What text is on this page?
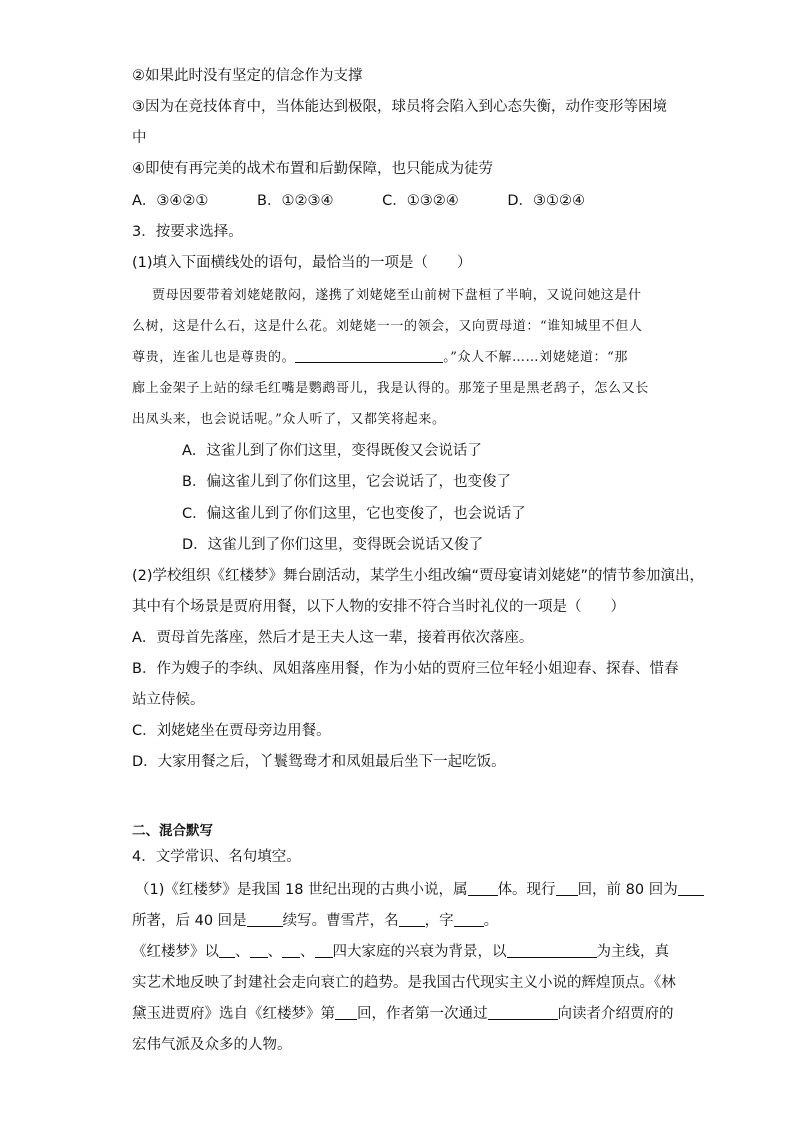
②如果此时没有坚定的信念作为支撑
③因为在竞技体育中，当体能达到极限，球员将会陷入到心态失衡，动作变形等困境
中
④即使有再完美的战术布置和后勤保障，也只能成为徒劳
A．③④②①	B．①②③④	C．①③②④	D．③①②④
3．按要求选择。
(1)填入下面横线处的语句，最恰当的一项是（　　）
贾母因要带着刘姥姥散闷，遂携了刘姥姥至山前树下盘桓了半晌，又说问她这是什
么树，这是什么石，这是什么花。刘姥姥一一的领会，又向贾母道：“谁知城里不但人
尊贵，连雀儿也是尊贵的。	。”众人不解……刘姥姥道：“那
廊上金架子上站的绿毛红嘴是鹦鹉哥儿，我是认得的。那笼子里是黑老鸹子，怎么又长
出凤头来，也会说话呢。”众人听了，又都笑将起来。
A．这雀儿到了你们这里，变得既俊又会说话了
B．偏这雀儿到了你们这里，它会说话了，也变俊了
C．偏这雀儿到了你们这里，它也变俊了，也会说话了
D．这雀儿到了你们这里，变得既会说话又俊了
(2)学校组织《红楼梦》舞台剧活动，某学生小组改编“贾母宴请刘姥姥”的情节参加演出，
其中有个场景是贾府用餐，以下人物的安排不符合当时礼仪的一项是（　　）
A．贾母首先落座，然后才是王夫人这一辈，接着再依次落座。
B．作为嫂子的李纨、凤姐落座用餐，作为小姑的贾府三位年轻小姐迎春、探春、惜春
站立侍候。
C．刘姥姥坐在贾母旁边用餐。
D．大家用餐之后，丫鬟鸳鸯才和凤姐最后坐下一起吃饭。
二、混合默写
4．文学常识、名句填空。
（1)《红楼梦》是我国 18 世纪出现的古典小说，属 体。现行 回，前 80 回为
所著，后 40 回是 续写。曹雪芹，名 ，字 。
《红楼梦》以 、 、 、 四大家庭的兴衰为背景，以	为主线，真
实艺术地反映了封建社会走向衰亡的趋势。是我国古代现实主义小说的辉煌顶点。《林
黛玉进贾府》选自《红楼梦》第 回，作者第一次通过	向读者介绍贾府的
宏伟气派及众多的人物。
